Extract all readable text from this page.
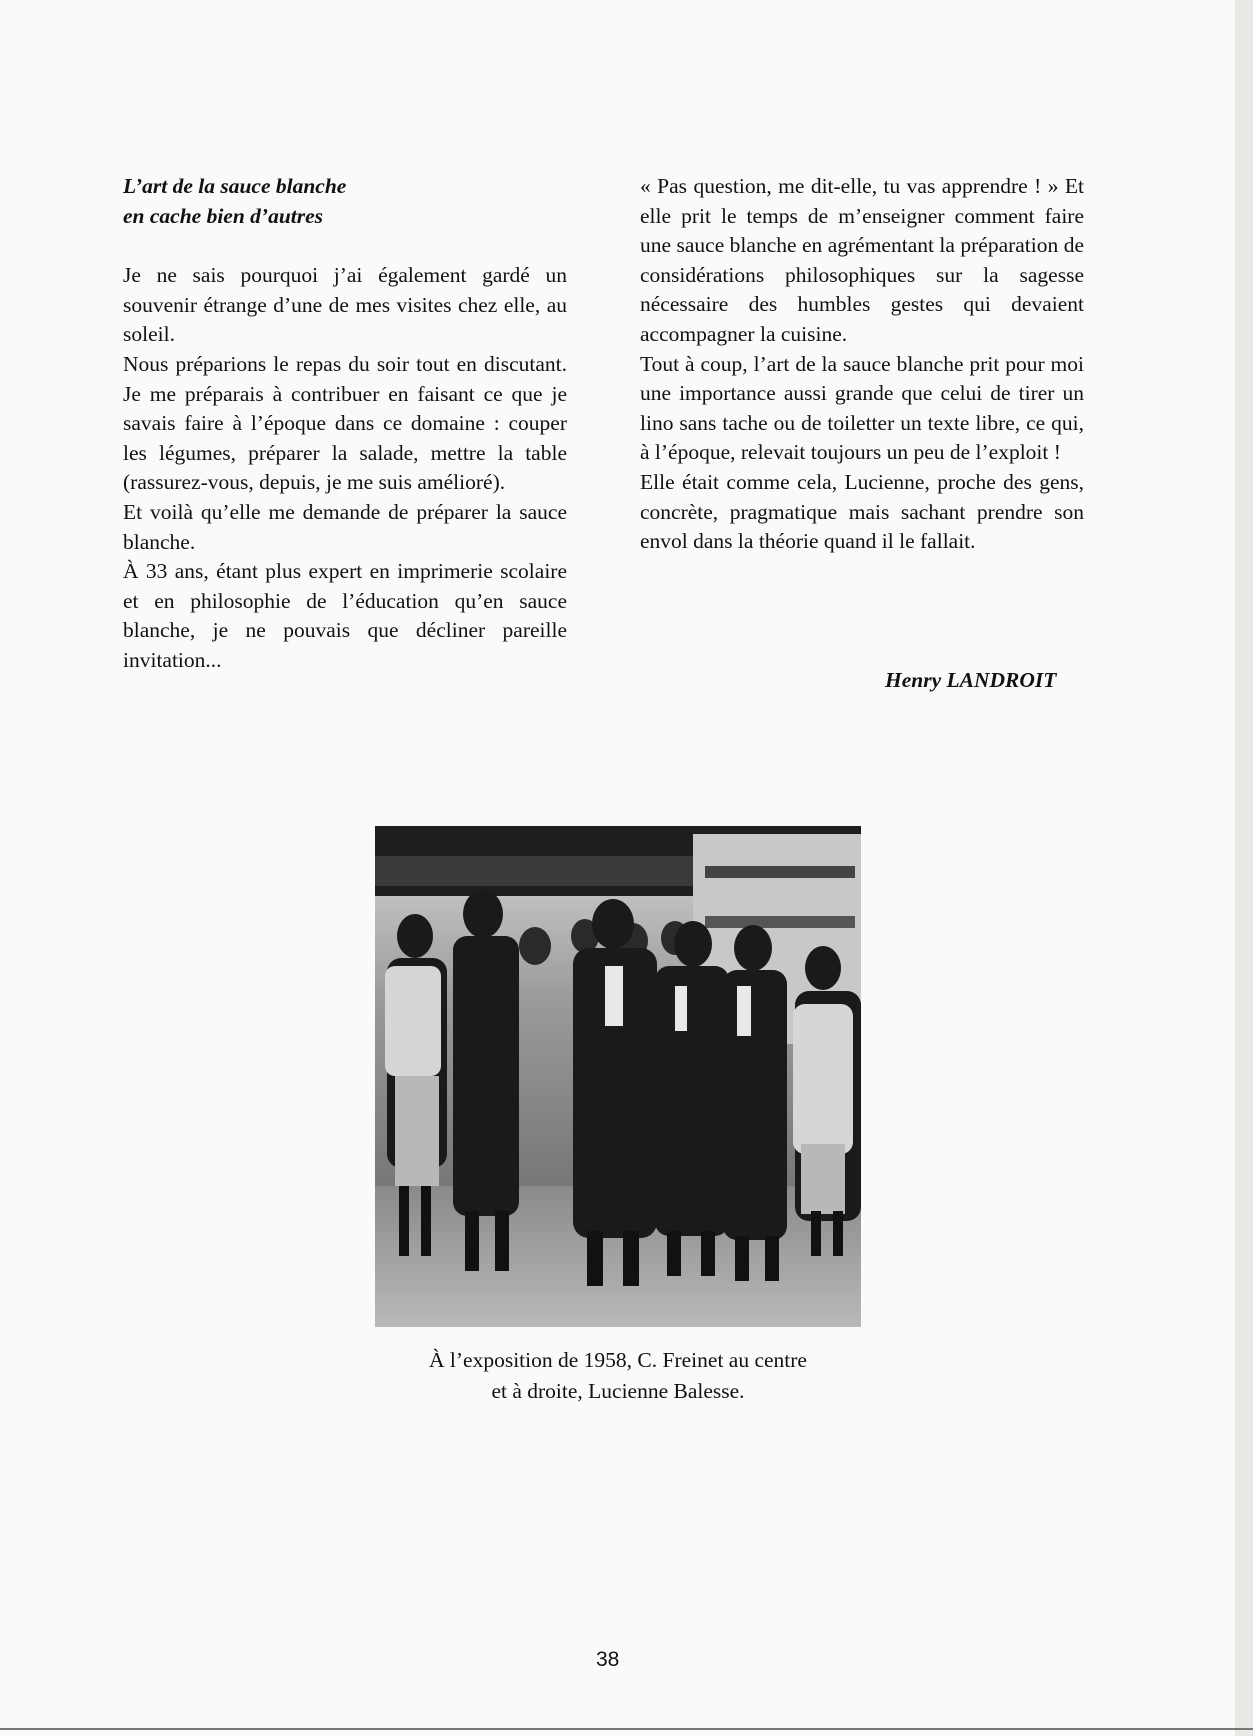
L’art de la sauce blanche
en cache bien d’autres

Je ne sais pourquoi j’ai également gardé un souvenir étrange d’une de mes visites chez elle, au soleil.

Nous préparions le repas du soir tout en discutant. Je me préparais à contribuer en faisant ce que je savais faire à l’époque dans ce domaine : couper les légumes, préparer la salade, mettre la table (rassurez-vous, depuis, je me suis amélioré).

Et voilà qu’elle me demande de préparer la sauce blanche.

À 33 ans, étant plus expert en imprimerie scolaire et en philosophie de l’éducation qu’en sauce blanche, je ne pouvais que décliner pareille invitation...

« Pas question, me dit-elle, tu vas apprendre ! » Et elle prit le temps de m’enseigner comment faire une sauce blanche en agrémentant la préparation de considérations philosophiques sur la sagesse nécessaire des humbles gestes qui devaient accompagner la cuisine.

Tout à coup, l’art de la sauce blanche prit pour moi une importance aussi grande que celui de tirer un lino sans tache ou de toiletter un texte libre, ce qui, à l’époque, relevait toujours un peu de l’exploit !

Elle était comme cela, Lucienne, proche des gens, concrète, pragmatique mais sachant prendre son envol dans la théorie quand il le fallait.

Henry LANDROIT
À l’exposition de 1958, C. Freinet au centre
et à droite, Lucienne Balesse.
38
